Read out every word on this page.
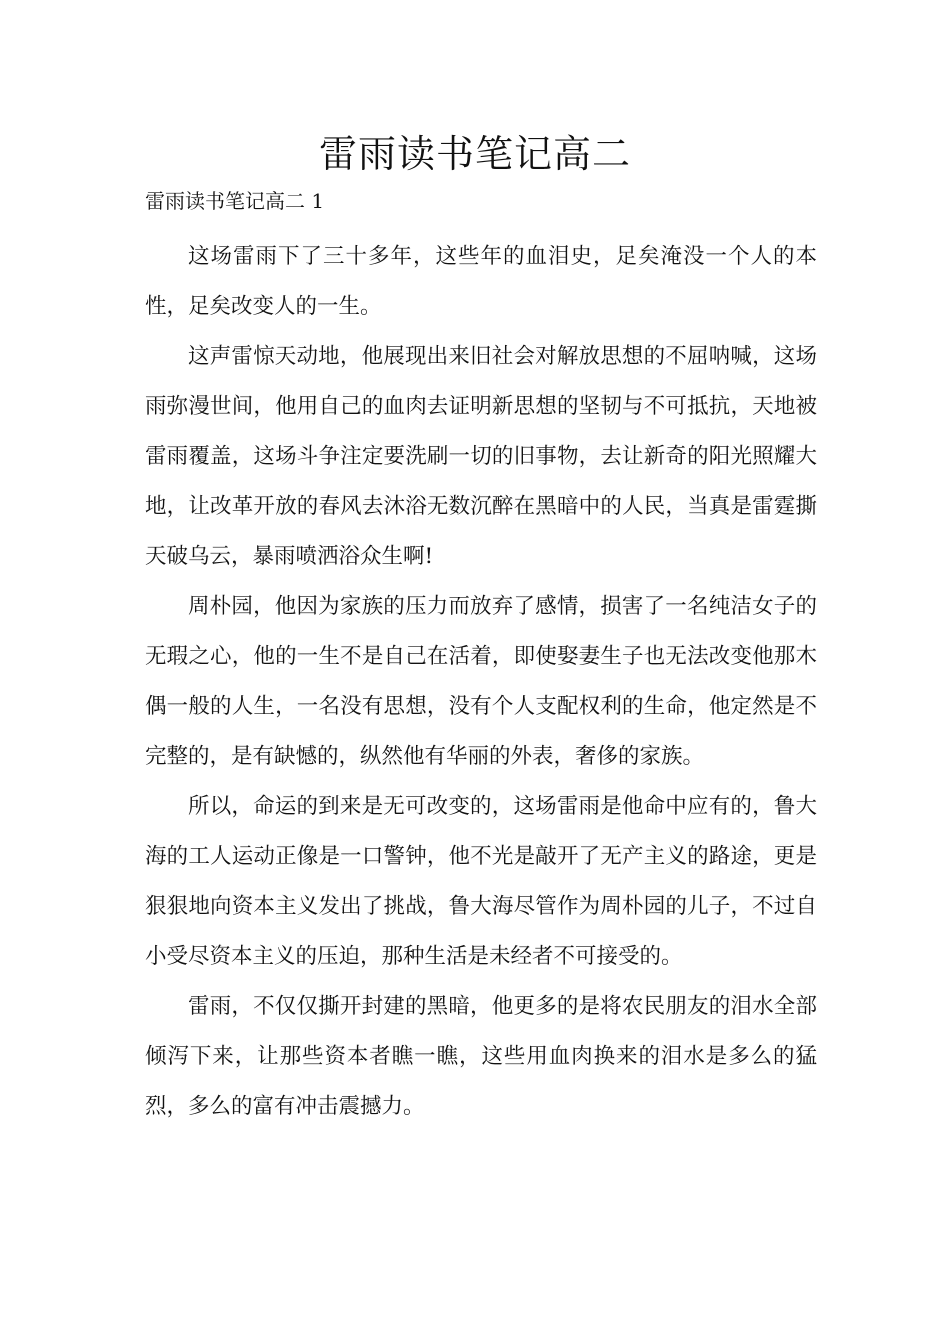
雷雨读书笔记高二

雷雨读书笔记高二 1

这场雷雨下了三十多年，这些年的血泪史，足矣淹没一个人的本性，足矣改变人的一生。

这声雷惊天动地，他展现出来旧社会对解放思想的不屈呐喊，这场雨弥漫世间，他用自己的血肉去证明新思想的坚韧与不可抵抗，天地被雷雨覆盖，这场斗争注定要洗刷一切的旧事物，去让新奇的阳光照耀大地，让改革开放的春风去沐浴无数沉醉在黑暗中的人民，当真是雷霆撕天破乌云，暴雨喷洒浴众生啊!

周朴园，他因为家族的压力而放弃了感情，损害了一名纯洁女子的无瑕之心，他的一生不是自己在活着，即使娶妻生子也无法改变他那木偶一般的人生，一名没有思想，没有个人支配权利的生命，他定然是不完整的，是有缺憾的，纵然他有华丽的外表，奢侈的家族。

所以，命运的到来是无可改变的，这场雷雨是他命中应有的，鲁大海的工人运动正像是一口警钟，他不光是敲开了无产主义的路途，更是狠狠地向资本主义发出了挑战，鲁大海尽管作为周朴园的儿子，不过自小受尽资本主义的压迫，那种生活是未经者不可接受的。

雷雨，不仅仅撕开封建的黑暗，他更多的是将农民朋友的泪水全部倾泻下来，让那些资本者瞧一瞧，这些用血肉换来的泪水是多么的猛烈，多么的富有冲击震撼力。
